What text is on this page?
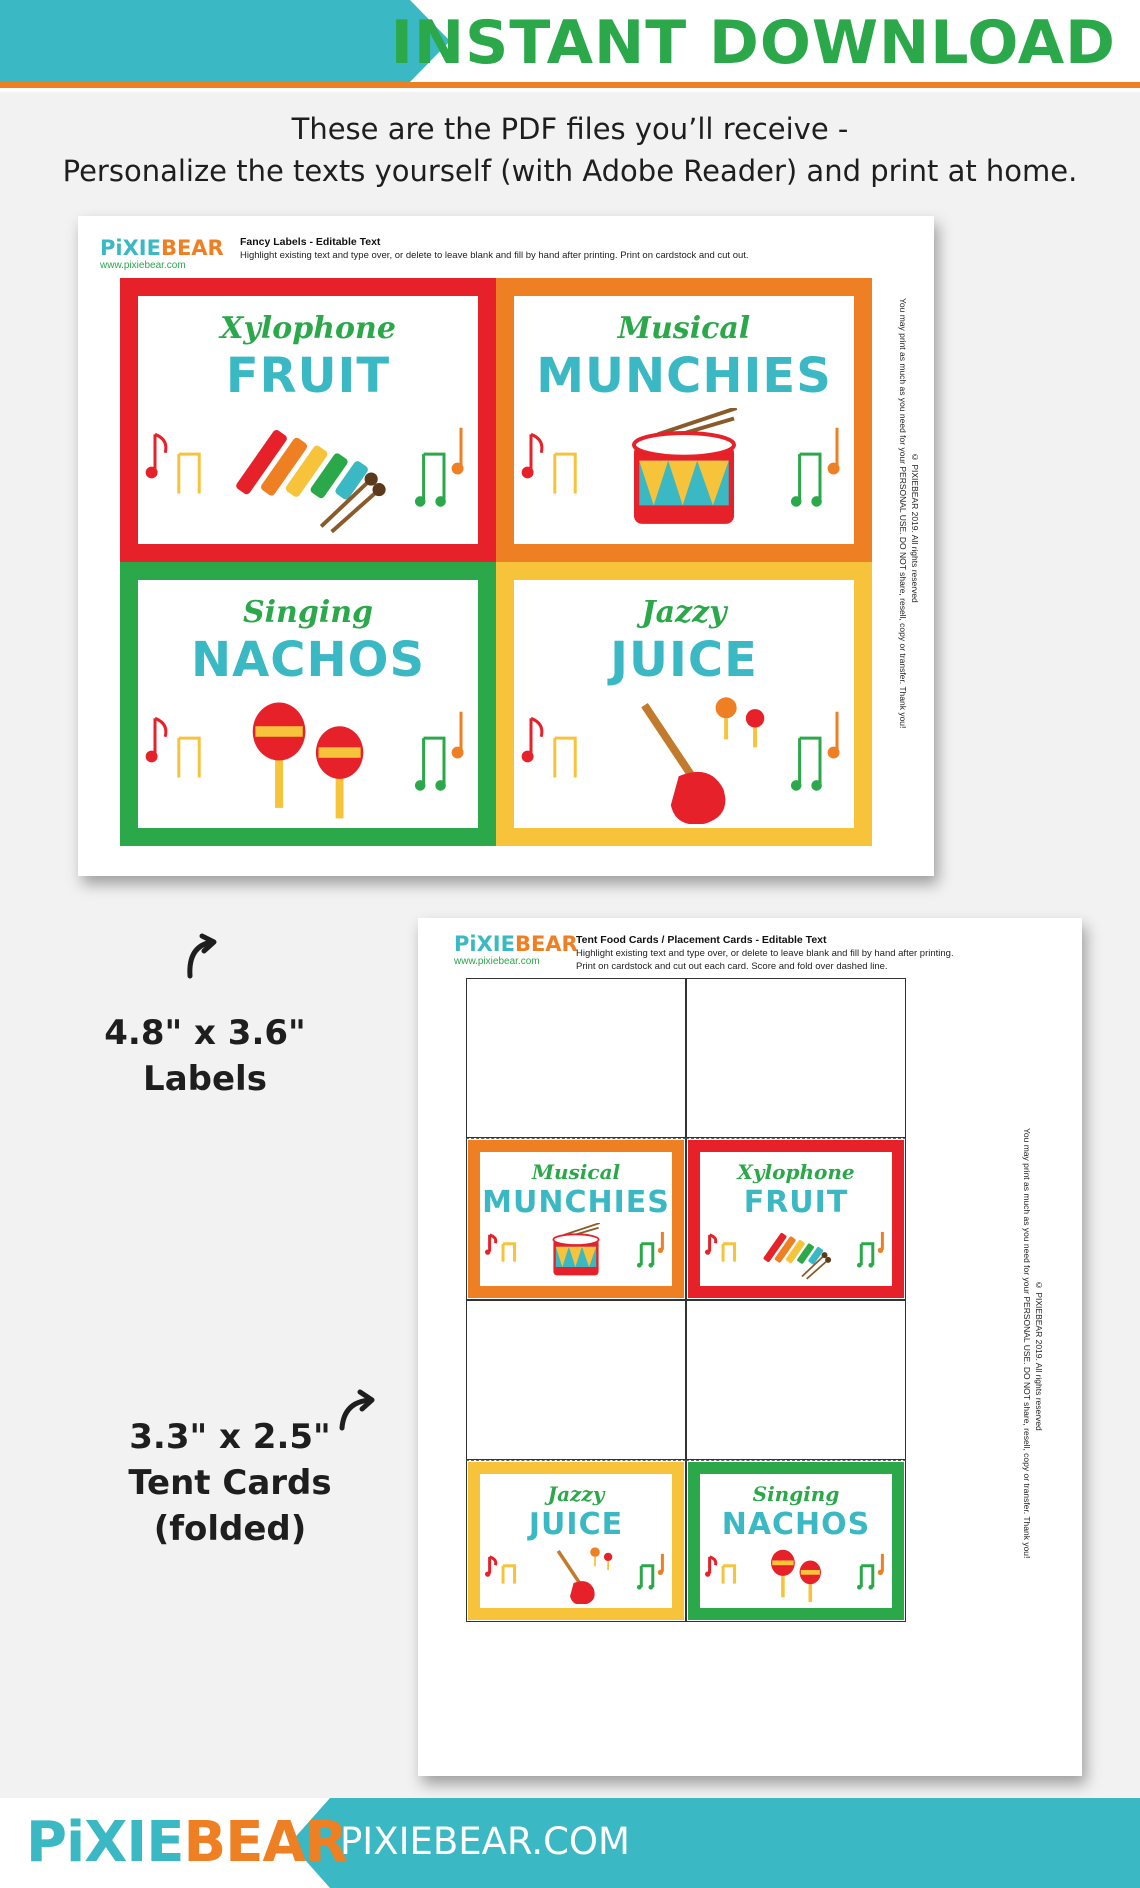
INSTANT DOWNLOAD
These are the PDF files you’ll receive -
Personalize the texts yourself (with Adobe Reader) and print at home.
PiXIEBEAR
www.pixiebear.com
Fancy Labels - Editable Text
Highlight existing text and type over, or delete to leave blank and fill by hand after printing. Print on cardstock and cut out.
You may print as much as you need for your PERSONAL USE. DO NOT share, resell, copy or transfer. Thank you! © PIXIEBEAR 2019. All rights reserved
Xylophone
FRUIT
Musical
MUNCHIES
Singing
NACHOS
Jazzy
JUICE
PiXIEBEAR
www.pixiebear.com
Tent Food Cards / Placement Cards - Editable Text
Highlight existing text and type over, or delete to leave blank and fill by hand after printing.
Print on cardstock and cut out each card. Score and fold over dashed line.
You may print as much as you need for your PERSONAL USE. DO NOT share, resell, copy or transfer. Thank you! © PIXIEBEAR 2019. All rights reserved
Musical
MUNCHIES
Xylophone
FRUIT
Jazzy
JUICE
Singing
NACHOS
4.8" x 3.6"
Labels
3.3" x 2.5"
Tent Cards
(folded)
PiXIEBEAR
PIXIEBEAR.COM
